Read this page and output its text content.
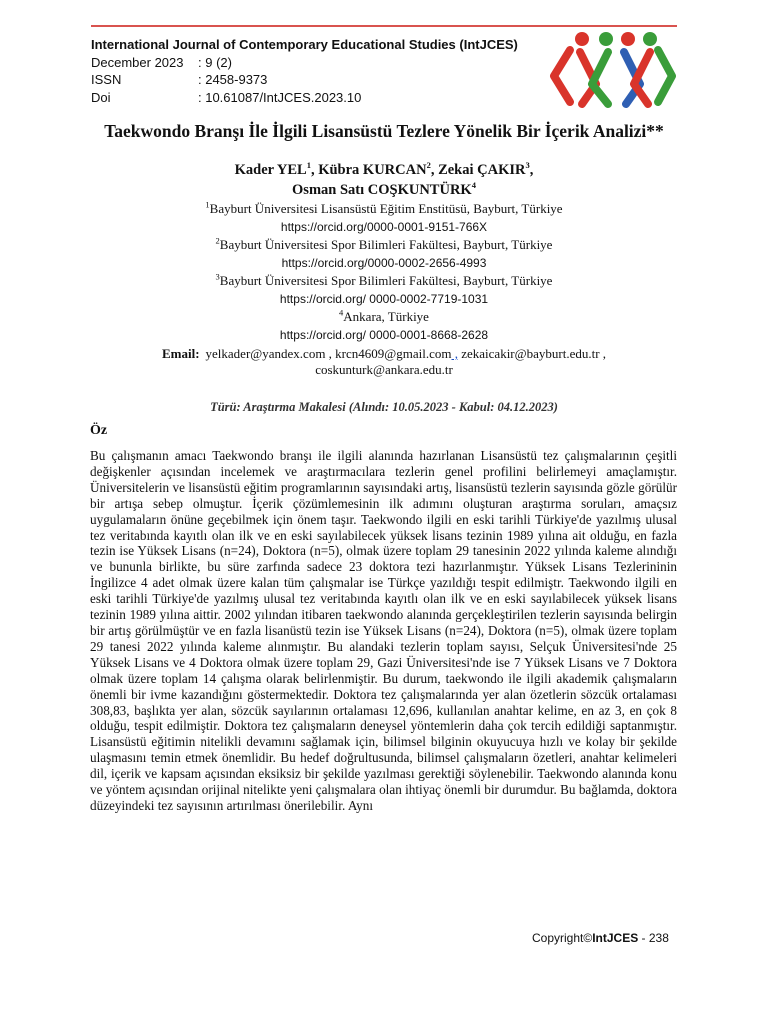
International Journal of Contemporary Educational Studies (IntJCES)
December 2023	: 9 (2)
ISSN	: 2458-9373
Doi	: 10.61087/IntJCES.2023.10
Taekwondo Branşı İle İlgili Lisansüstü Tezlere Yönelik Bir İçerik Analizi**
Kader YEL$^1$, Kübra KURCAN$^2$, Zekai ÇAKIR$^3$,
Osman Satı COŞKUNTÜRK$^4$
$^1$Bayburt Üniversitesi Lisansüstü Eğitim Enstitüsü, Bayburt, Türkiye
https://orcid.org/0000-0001-9151-766X
$^2$Bayburt Üniversitesi Spor Bilimleri Fakültesi, Bayburt, Türkiye
https://orcid.org/0000-0002-2656-4993
$^3$Bayburt Üniversitesi Spor Bilimleri Fakültesi, Bayburt, Türkiye
https://orcid.org/ 0000-0002-7719-1031
$^4$Ankara, Türkiye
https://orcid.org/ 0000-0001-8668-2628
Email: yelkader@yandex.com , krcn4609@gmail.com , zekaicakir@bayburt.edu.tr ,
coskunturk@ankara.edu.tr
Türü: Araştırma Makalesi (Alındı: 10.05.2023 - Kabul: 04.12.2023)
Öz
Bu çalışmanın amacı Taekwondo branşı ile ilgili alanında hazırlanan Lisansüstü tez çalışmalarının çeşitli değişkenler açısından incelemek ve araştırmacılara tezlerin genel profilini belirlemeyi amaçlamıştır. Üniversitelerin ve lisansüstü eğitim programlarının sayısındaki artış, lisansüstü tezlerin sayısında gözle görülür bir artışa sebep olmuştur. İçerik çözümlemesinin ilk adımını oluşturan araştırma soruları, amaçsız uygulamaların önüne geçebilmek için önem taşır. Taekwondo ilgili en eski tarihli Türkiye'de yazılmış ulusal tez veritabında kayıtlı olan ilk ve en eski sayılabilecek yüksek lisans tezinin 1989 yılına ait olduğu, en fazla tezin ise Yüksek Lisans (n=24), Doktora (n=5), olmak üzere toplam 29 tanesinin 2022 yılında kaleme alındığı ve bununla birlikte, bu süre zarfında sadece 23 doktora tezi hazırlanmıştır. Yüksek Lisans Tezlerininin İngilizce 4 adet olmak üzere kalan tüm çalışmalar ise Türkçe yazıldığı tespit edilmiştr. Taekwondo ilgili en eski tarihli Türkiye'de yazılmış ulusal tez veritabında kayıtlı olan ilk ve en eski sayılabilecek yüksek lisans tezinin 1989 yılına aittir. 2002 yılından itibaren taekwondo alanında gerçekleştirilen tezlerin sayısında belirgin bir artış görülmüştür ve en fazla lisanüstü tezin ise Yüksek Lisans (n=24), Doktora (n=5), olmak üzere toplam 29 tanesi 2022 yılında kaleme alınmıştır. Bu alandaki tezlerin toplam sayısı, Selçuk Üniversitesi'nde 25 Yüksek Lisans ve 4 Doktora olmak üzere toplam 29, Gazi Üniversitesi'nde ise 7 Yüksek Lisans ve 7 Doktora olmak üzere toplam 14 çalışma olarak belirlenmiştir. Bu durum, taekwondo ile ilgili akademik çalışmaların önemli bir ivme kazandığını göstermektedir. Doktora tez çalışmalarında yer alan özetlerin sözcük ortalaması 308,83, başlıkta yer alan, sözcük sayılarının ortalaması 12,696, kullanılan anahtar kelime, en az 3, en çok 8 olduğu, tespit edilmiştir. Doktora tez çalışmaların deneysel yöntemlerin daha çok tercih edildiği saptanmıştır. Lisansüstü eğitimin nitelikli devamını sağlamak için, bilimsel bilginin okuyucuya hızlı ve kolay bir şekilde ulaşmasını temin etmek önemlidir. Bu hedef doğrultusunda, bilimsel çalışmaların özetleri, anahtar kelimeleri dil, içerik ve kapsam açısından eksiksiz bir şekilde yazılması gerektiği söylenebilir. Taekwondo alanında konu ve yöntem açısından orijinal nitelikte yeni çalışmalara olan ihtiyaç önemli bir durumdur. Bu bağlamda, doktora düzeyindeki tez sayısının artırılması önerilebilir. Aynı
Copyright©IntJCES - 238
